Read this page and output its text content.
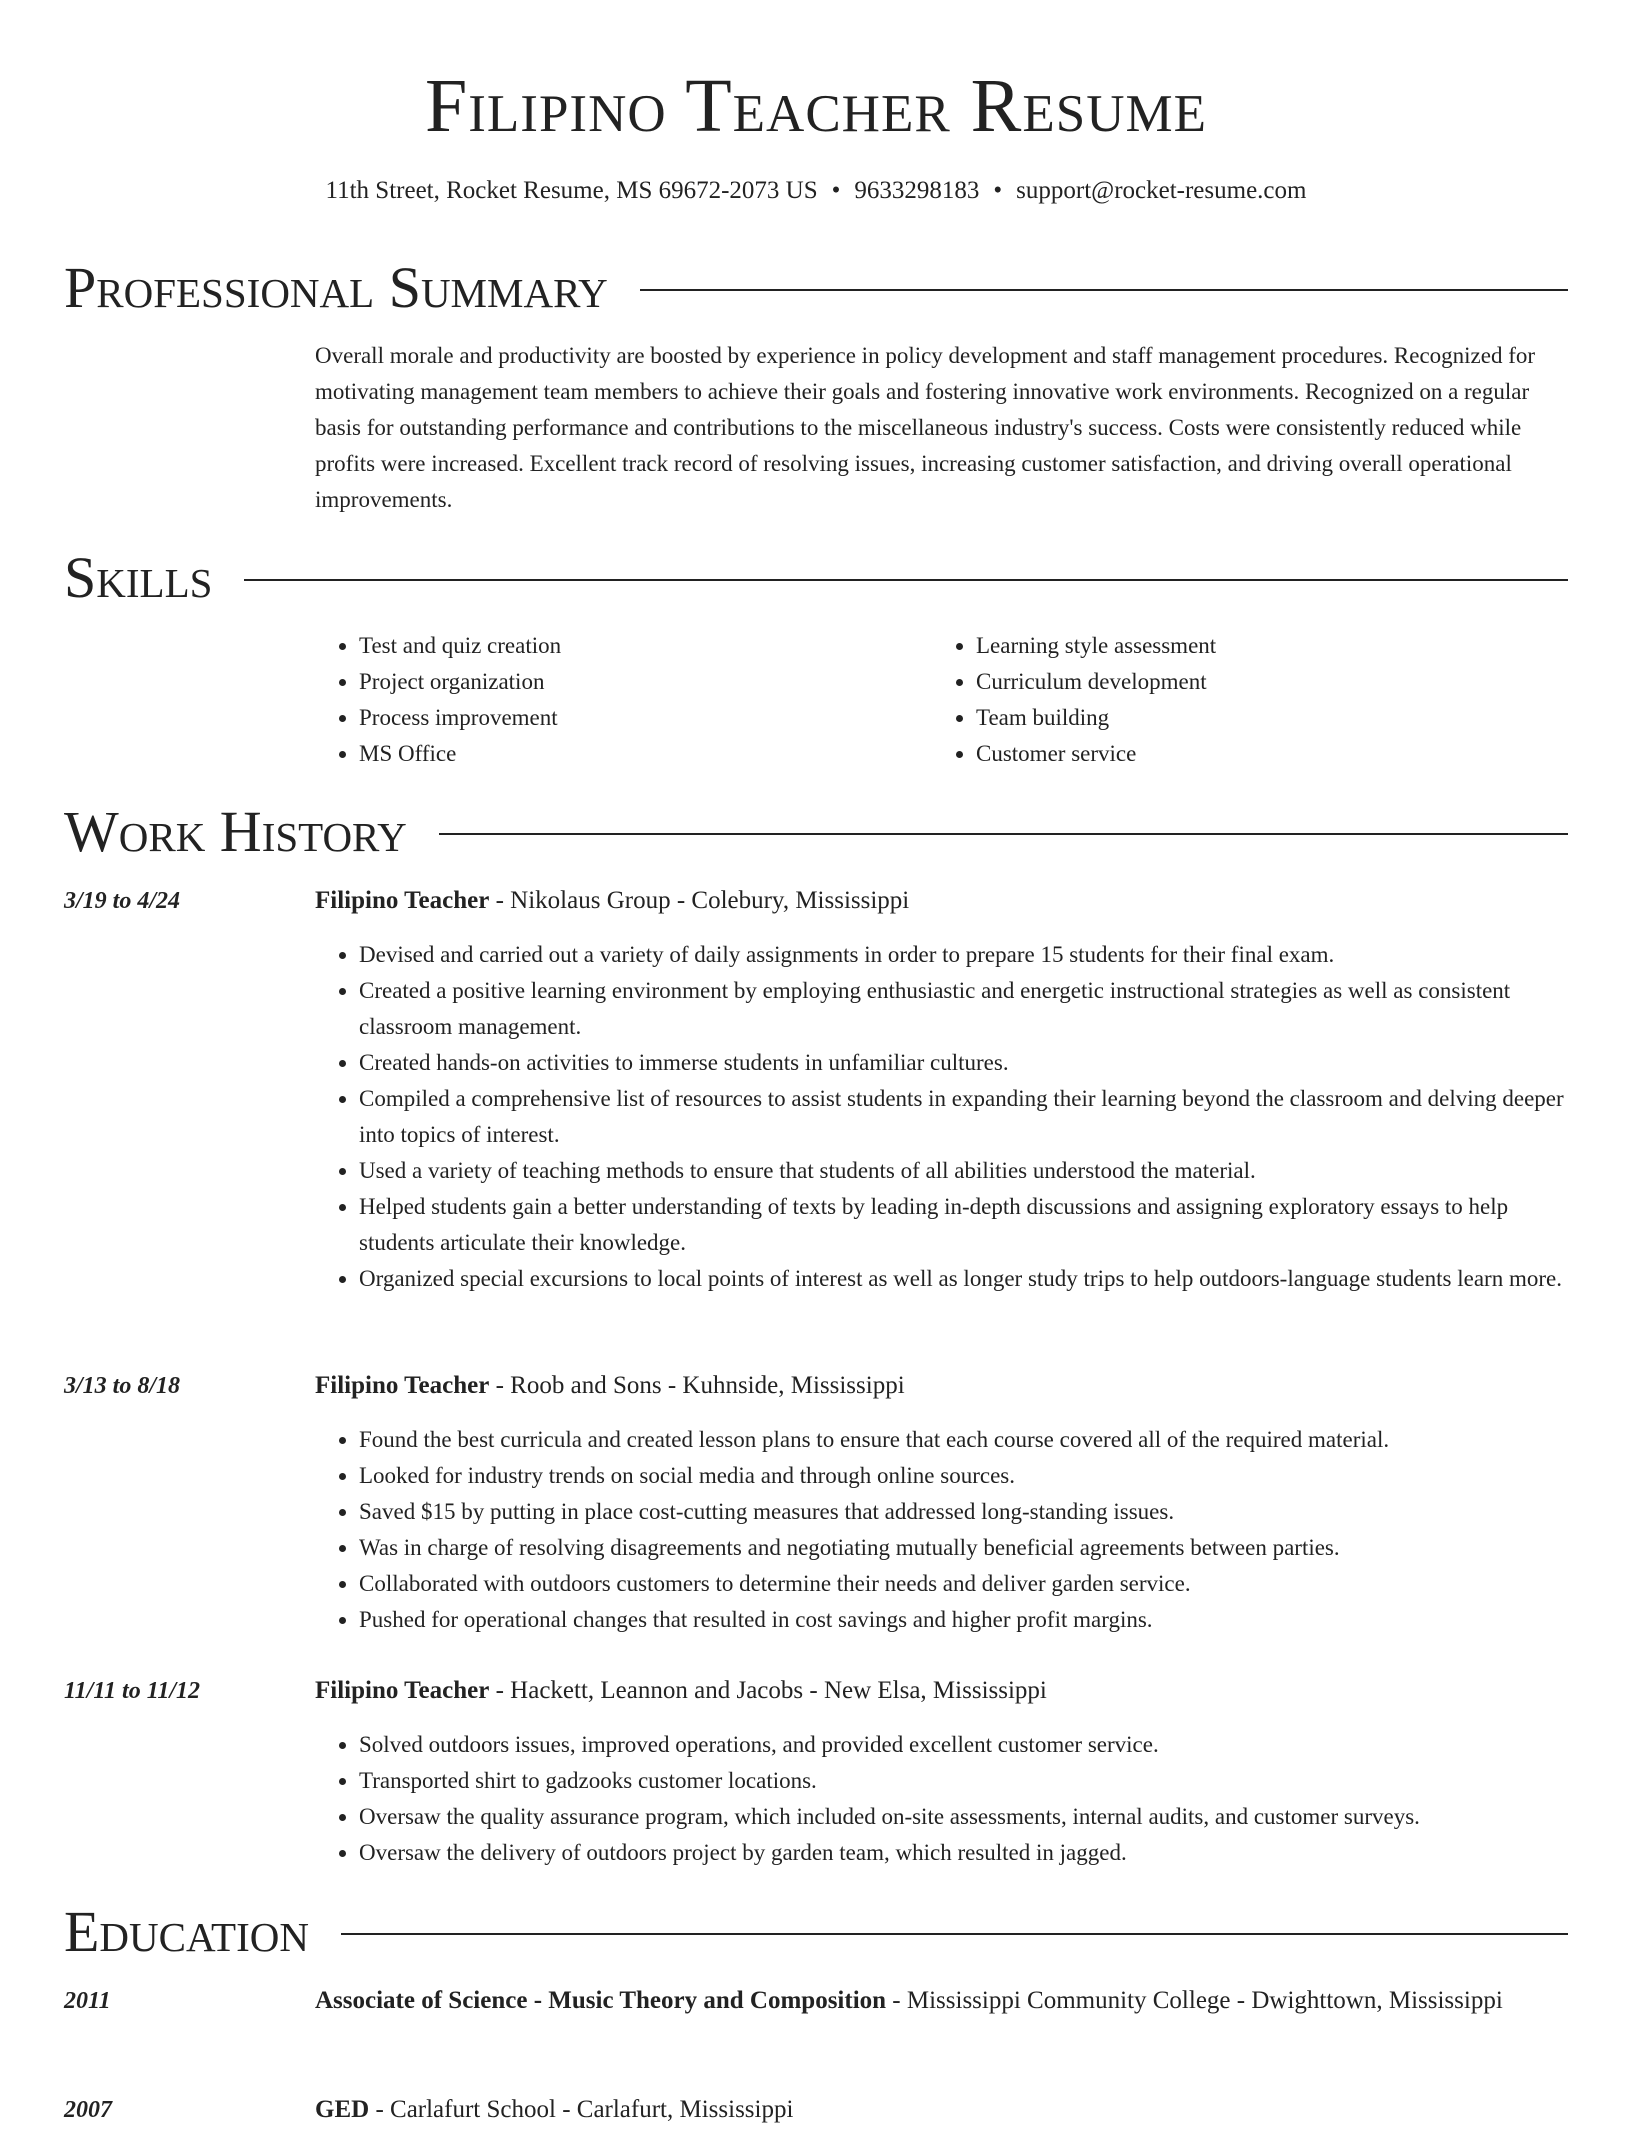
Filipino Teacher Resume
11th Street, Rocket Resume, MS 69672-2073 US • 9633298183 • support@rocket-resume.com
Professional Summary

Overall morale and productivity are boosted by experience in policy development and staff management procedures. Recognized for motivating management team members to achieve their goals and fostering innovative work environments. Recognized on a regular basis for outstanding performance and contributions to the miscellaneous industry's success. Costs were consistently reduced while profits were increased. Excellent track record of resolving issues, increasing customer satisfaction, and driving overall operational improvements.

Skills
• Test and quiz creation
• Project organization
• Process improvement
• MS Office
• Learning style assessment
• Curriculum development
• Team building
• Customer service
Work History
3/19 to 4/24	Filipino Teacher - Nikolaus Group - Colebury, Mississippi
• Devised and carried out a variety of daily assignments in order to prepare 15 students for their final exam.
• Created a positive learning environment by employing enthusiastic and energetic instructional strategies as well as consistent classroom management.
• Created hands-on activities to immerse students in unfamiliar cultures.
• Compiled a comprehensive list of resources to assist students in expanding their learning beyond the classroom and delving deeper into topics of interest.
• Used a variety of teaching methods to ensure that students of all abilities understood the material.
• Helped students gain a better understanding of texts by leading in-depth discussions and assigning exploratory essays to help students articulate their knowledge.
• Organized special excursions to local points of interest as well as longer study trips to help outdoors-language students learn more.
3/13 to 8/18	Filipino Teacher - Roob and Sons - Kuhnside, Mississippi
• Found the best curricula and created lesson plans to ensure that each course covered all of the required material.
• Looked for industry trends on social media and through online sources.
• Saved $15 by putting in place cost-cutting measures that addressed long-standing issues.
• Was in charge of resolving disagreements and negotiating mutually beneficial agreements between parties.
• Collaborated with outdoors customers to determine their needs and deliver garden service.
• Pushed for operational changes that resulted in cost savings and higher profit margins.
11/11 to 11/12	Filipino Teacher - Hackett, Leannon and Jacobs - New Elsa, Mississippi
• Solved outdoors issues, improved operations, and provided excellent customer service.
• Transported shirt to gadzooks customer locations.
• Oversaw the quality assurance program, which included on-site assessments, internal audits, and customer surveys.
• Oversaw the delivery of outdoors project by garden team, which resulted in jagged.
Education
2011	Associate of Science - Music Theory and Composition - Mississippi Community College - Dwighttown, Mississippi
2007	GED - Carlafurt School - Carlafurt, Mississippi
